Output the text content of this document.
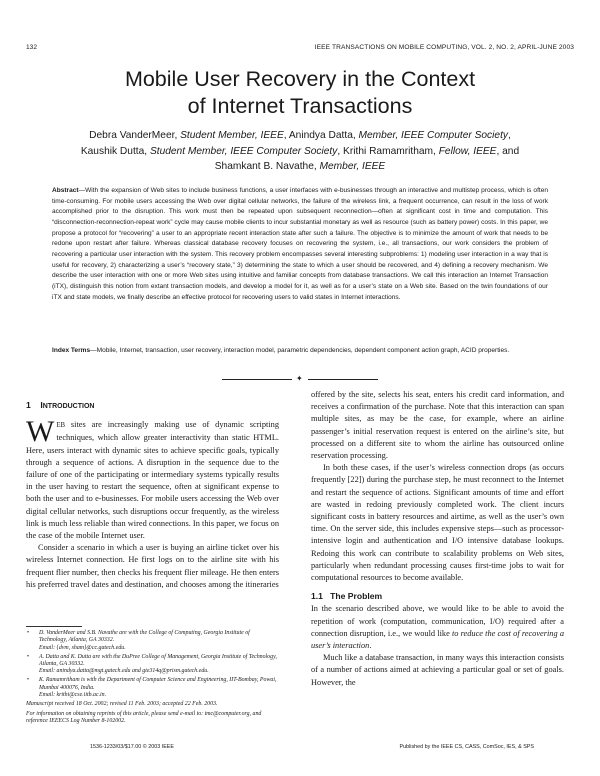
132	IEEE TRANSACTIONS ON MOBILE COMPUTING, VOL. 2, NO. 2, APRIL-JUNE 2003
Mobile User Recovery in the Context
of Internet Transactions
Debra VanderMeer, Student Member, IEEE, Anindya Datta, Member, IEEE Computer Society,
Kaushik Dutta, Student Member, IEEE Computer Society, Krithi Ramamritham, Fellow, IEEE, and
Shamkant B. Navathe, Member, IEEE
Abstract—With the expansion of Web sites to include business functions, a user interfaces with e-businesses through an interactive and multistep process, which is often time-consuming. For mobile users accessing the Web over digital cellular networks, the failure of the wireless link, a frequent occurrence, can result in the loss of work accomplished prior to the disruption. This work must then be repeated upon subsequent reconnection—often at significant cost in time and computation. This “disconnection-reconnection-repeat work” cycle may cause mobile clients to incur substantial monetary as well as resource (such as battery power) costs. In this paper, we propose a protocol for “recovering” a user to an appropriate recent interaction state after such a failure. The objective is to minimize the amount of work that needs to be redone upon restart after failure. Whereas classical database recovery focuses on recovering the system, i.e., all transactions, our work considers the problem of recovering a particular user interaction with the system. This recovery problem encompasses several interesting subproblems: 1) modeling user interaction in a way that is useful for recovery, 2) characterizing a user’s “recovery state,” 3) determining the state to which a user should be recovered, and 4) defining a recovery mechanism. We describe the user interaction with one or more Web sites using intuitive and familiar concepts from database transactions. We call this interaction an Internet Transaction (iTX), distinguish this notion from extant transaction models, and develop a model for it, as well as for a user’s state on a Web site. Based on the twin foundations of our iTX and state models, we finally describe an effective protocol for recovering users to valid states in Internet interactions.
Index Terms—Mobile, Internet, transaction, user recovery, interaction model, parametric dependencies, dependent component action graph, ACID properties.
✦
1 INTRODUCTION

WEB sites are increasingly making use of dynamic scripting techniques, which allow greater interactivity than static HTML. Here, users interact with dynamic sites to achieve specific goals, typically through a sequence of actions. A disruption in the sequence due to the failure of one of the participating or intermediary systems typically results in the user having to restart the sequence, often at significant expense to both the user and to e-businesses. For mobile users accessing the Web over digital cellular networks, such disruptions occur frequently, as the wireless link is much less reliable than wired connections. In this paper, we focus on the case of the mobile Internet user.

Consider a scenario in which a user is buying an airline ticket over his wireless Internet connection. He first logs on to the airline site with his frequent flier number, then checks his frequent flier mileage. He then enters his preferred travel dates and destination, and chooses among the itineraries

offered by the site, selects his seat, enters his credit card information, and receives a confirmation of the purchase. Note that this interaction can span multiple sites, as may be the case, for example, where an airline passenger’s initial reservation request is entered on the airline’s site, but processed on a different site to whom the airline has outsourced online reservation processing.

In both these cases, if the user’s wireless connection drops (as occurs frequently [22]) during the purchase step, he must reconnect to the Internet and restart the sequence of actions. Significant amounts of time and effort are wasted in redoing previously completed work. The client incurs significant costs in battery resources and airtime, as well as the user’s own time. On the server side, this includes expensive steps—such as processor-intensive login and authentication and I/O intensive database lookups. Redoing this work can contribute to scalability problems on Web sites, particularly when redundant processing causes first-time jobs to wait for computational resources to become available.

1.1 The Problem

In the scenario described above, we would like to be able to avoid the repetition of work (computation, communication, I/O) required after a connection disruption, i.e., we would like to reduce the cost of recovering a user’s interaction.

Much like a database transaction, in many ways this interaction consists of a number of actions aimed at achieving a particular goal or set of goals. However, the

• D. VanderMeer and S.B. Navathe are with the College of Computing, Georgia Institute of Technology, Atlanta, GA 30332.
Email: {dvm, sham}@cc.gatech.edu.
• A. Datta and K. Dutta are with the DuPree College of Management, Georgia Institute of Technology, Atlanta, GA 30332.
Email: anindya.datta@mgt.gatech.edu and gte314q@prism.gatech.edu.
• K. Ramamritham is with the Department of Computer Science and Engineering, IIT-Bombay, Powai, Mumbai 400076, India.
Email: krithi@cse.iitb.ac.in.
Manuscript received 18 Oct. 2002; revised 11 Feb. 2003; accepted 22 Feb. 2003.
For information on obtaining reprints of this article, please send e-mail to: tmc@computer.org, and reference IEEECS Log Number 8-102002.
1536-1233/03/$17.00 © 2003 IEEE	Published by the IEEE CS, CASS, ComSoc, IES, & SPS
